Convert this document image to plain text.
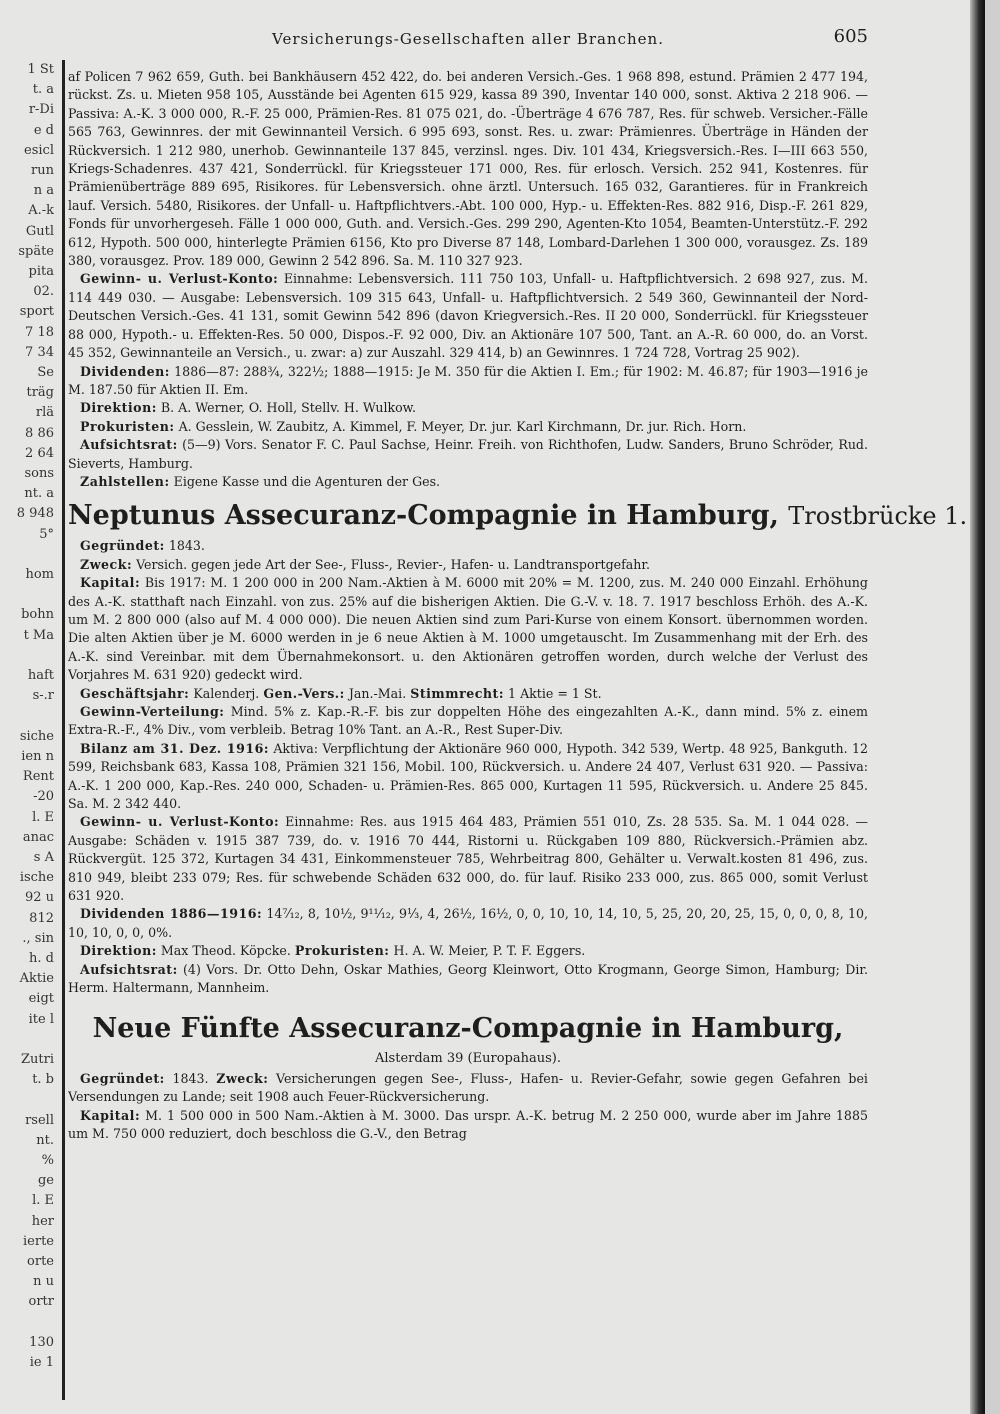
1 St
t. a
r-Di
e d
esicl
run
n a
A.-k
Gutl
späte
pita
02.
sport
7 18
7 34
Se
träg
rlä
8 86
2 64
sons
nt. a
8 948
5°

hom

bohn
t Ma

haft
s-.r

siche
ien n
Rent
-20
l. E
anac
s A
ische
92 u
812
., sin
h. d
Aktie
eigt
ite l

Zutri
t. b

rsell
nt.
%
ge
l. E
her
ierte
orte
n u
ortr

130
ie 1
Versicherungs-Gesellschaften aller Branchen.	605

af Policen 7 962 659, Guth. bei Bankhäusern 452 422, do. bei anderen Versich.-Ges. 1 968 898, estund. Prämien 2 477 194, rückst. Zs. u. Mieten 958 105, Ausstände bei Agenten 615 929, kassa 89 390, Inventar 140 000, sonst. Aktiva 2 218 906. — Passiva: A.-K. 3 000 000, R.-F. 25 000, Prämien-Res. 81 075 021, do. -Überträge 4 676 787, Res. für schweb. Versicher.-Fälle 565 763, Gewinnres. der mit Gewinnanteil Versich. 6 995 693, sonst. Res. u. zwar: Prämienres. Überträge in Händen der Rückversich. 1 212 980, unerhob. Gewinnanteile 137 845, verzinsl. nges. Div. 101 434, Kriegsversich.-Res. I—III 663 550, Kriegs-Schadenres. 437 421, Sonderrückl. für Kriegssteuer 171 000, Res. für erlosch. Versich. 252 941, Kostenres. für Prämienüberträge 889 695, Risikores. für Lebensversich. ohne ärztl. Untersuch. 165 032, Garantieres. für in Frankreich lauf. Versich. 5480, Risikores. der Unfall- u. Haftpflichtvers.-Abt. 100 000, Hyp.- u. Effekten-Res. 882 916, Disp.-F. 261 829, Fonds für unvorhergeseh. Fälle 1 000 000, Guth. and. Versich.-Ges. 299 290, Agenten-Kto 1054, Beamten-Unterstütz.-F. 292 612, Hypoth. 500 000, hinterlegte Prämien 6156, Kto pro Diverse 87 148, Lombard-Darlehen 1 300 000, vorausgez. Zs. 189 380, vorausgez. Prov. 189 000, Gewinn 2 542 896. Sa. M. 110 327 923.

Gewinn- u. Verlust-Konto: Einnahme: Lebensversich. 111 750 103, Unfall- u. Haftpflichtversich. 2 698 927, zus. M. 114 449 030. — Ausgabe: Lebensversich. 109 315 643, Unfall- u. Haftpflichtversich. 2 549 360, Gewinnanteil der Nord-Deutschen Versich.-Ges. 41 131, somit Gewinn 542 896 (davon Kriegversich.-Res. II 20 000, Sonderrückl. für Kriegssteuer 88 000, Hypoth.- u. Effekten-Res. 50 000, Dispos.-F. 92 000, Div. an Aktionäre 107 500, Tant. an A.-R. 60 000, do. an Vorst. 45 352, Gewinnanteile an Versich., u. zwar: a) zur Auszahl. 329 414, b) an Gewinnres. 1 724 728, Vortrag 25 902).

Dividenden: 1886—87: 288¾, 322½; 1888—1915: Je M. 350 für die Aktien I. Em.; für 1902: M. 46.87; für 1903—1916 je M. 187.50 für Aktien II. Em.

Direktion: B. A. Werner, O. Holl, Stellv. H. Wulkow.

Prokuristen: A. Gesslein, W. Zaubitz, A. Kimmel, F. Meyer, Dr. jur. Karl Kirchmann, Dr. jur. Rich. Horn.

Aufsichtsrat: (5—9) Vors. Senator F. C. Paul Sachse, Heinr. Freih. von Richthofen, Ludw. Sanders, Bruno Schröder, Rud. Sieverts, Hamburg.

Zahlstellen: Eigene Kasse und die Agenturen der Ges.

Neptunus Assecuranz-Compagnie in Hamburg, Trostbrücke 1.

Gegründet: 1843.

Zweck: Versich. gegen jede Art der See-, Fluss-, Revier-, Hafen- u. Landtransportgefahr.

Kapital: Bis 1917: M. 1 200 000 in 200 Nam.-Aktien à M. 6000 mit 20% = M. 1200, zus. M. 240 000 Einzahl. Erhöhung des A.-K. statthaft nach Einzahl. von zus. 25% auf die bisherigen Aktien. Die G.-V. v. 18. 7. 1917 beschloss Erhöh. des A.-K. um M. 2 800 000 (also auf M. 4 000 000). Die neuen Aktien sind zum Pari-Kurse von einem Konsort. übernommen worden. Die alten Aktien über je M. 6000 werden in je 6 neue Aktien à M. 1000 umgetauscht. Im Zusammenhang mit der Erh. des A.-K. sind Vereinbar. mit dem Übernahmekonsort. u. den Aktionären getroffen worden, durch welche der Verlust des Vorjahres M. 631 920) gedeckt wird.

Geschäftsjahr: Kalenderj. Gen.-Vers.: Jan.-Mai. Stimmrecht: 1 Aktie = 1 St.

Gewinn-Verteilung: Mind. 5% z. Kap.-R.-F. bis zur doppelten Höhe des eingezahlten A.-K., dann mind. 5% z. einem Extra-R.-F., 4% Div., vom verbleib. Betrag 10% Tant. an A.-R., Rest Super-Div.

Bilanz am 31. Dez. 1916: Aktiva: Verpflichtung der Aktionäre 960 000, Hypoth. 342 539, Wertp. 48 925, Bankguth. 12 599, Reichsbank 683, Kassa 108, Prämien 321 156, Mobil. 100, Rückversich. u. Andere 24 407, Verlust 631 920. — Passiva: A.-K. 1 200 000, Kap.-Res. 240 000, Schaden- u. Prämien-Res. 865 000, Kurtagen 11 595, Rückversich. u. Andere 25 845. Sa. M. 2 342 440.

Gewinn- u. Verlust-Konto: Einnahme: Res. aus 1915 464 483, Prämien 551 010, Zs. 28 535. Sa. M. 1 044 028. — Ausgabe: Schäden v. 1915 387 739, do. v. 1916 70 444, Ristorni u. Rückgaben 109 880, Rückversich.-Prämien abz. Rückvergüt. 125 372, Kurtagen 34 431, Einkommensteuer 785, Wehrbeitrag 800, Gehälter u. Verwalt.kosten 81 496, zus. 810 949, bleibt 233 079; Res. für schwebende Schäden 632 000, do. für lauf. Risiko 233 000, zus. 865 000, somit Verlust 631 920.

Dividenden 1886—1916: 14⁷⁄₁₂, 8, 10½, 9¹¹⁄₁₂, 9⅓, 4, 26½, 16½, 0, 0, 10, 10, 14, 10, 5, 25, 20, 20, 25, 15, 0, 0, 0, 8, 10, 10, 10, 0, 0, 0%.

Direktion: Max Theod. Köpcke. Prokuristen: H. A. W. Meier, P. T. F. Eggers.

Aufsichtsrat: (4) Vors. Dr. Otto Dehn, Oskar Mathies, Georg Kleinwort, Otto Krogmann, George Simon, Hamburg; Dir. Herm. Haltermann, Mannheim.

Neue Fünfte Assecuranz-Compagnie in Hamburg,
Alsterdam 39 (Europahaus).

Gegründet: 1843. Zweck: Versicherungen gegen See-, Fluss-, Hafen- u. Revier-Gefahr, sowie gegen Gefahren bei Versendungen zu Lande; seit 1908 auch Feuer-Rückversicherung.

Kapital: M. 1 500 000 in 500 Nam.-Aktien à M. 3000. Das urspr. A.-K. betrug M. 2 250 000, wurde aber im Jahre 1885 um M. 750 000 reduziert, doch beschloss die G.-V., den Betrag
